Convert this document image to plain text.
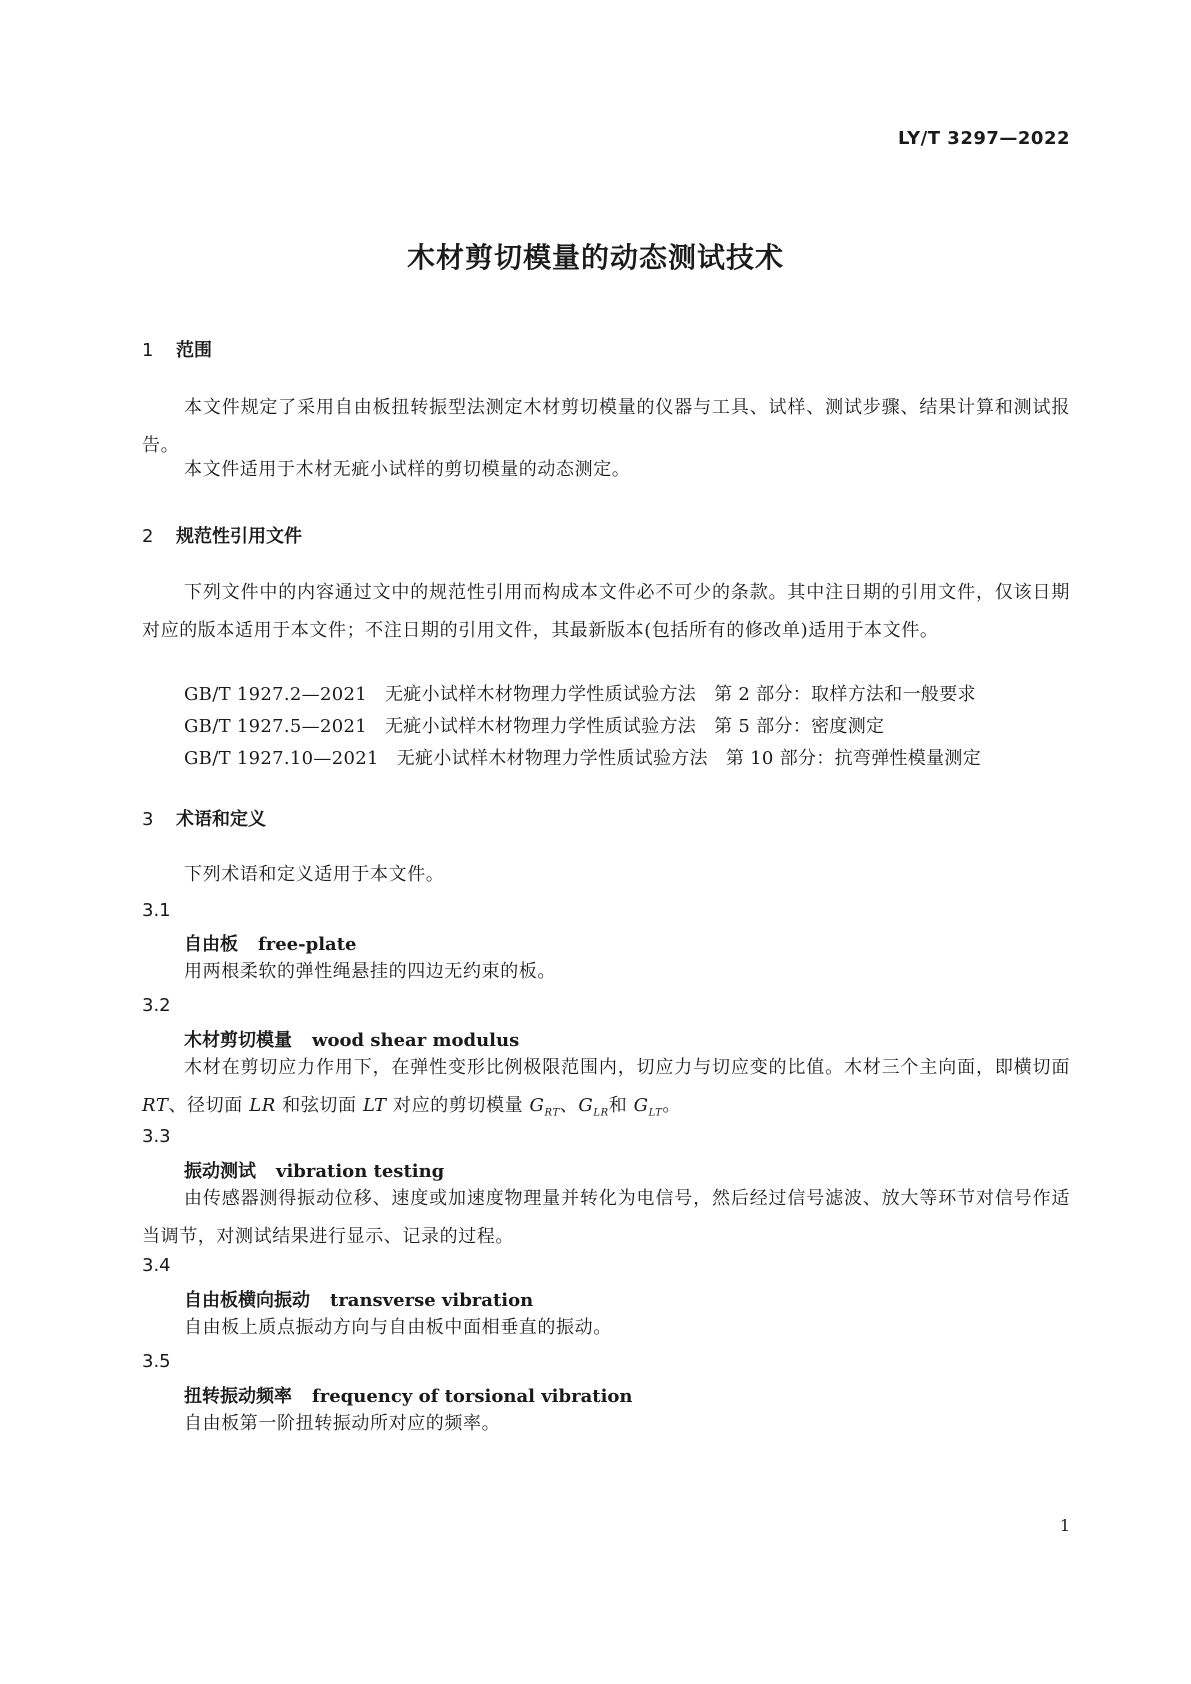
LY/T 3297—2022
木材剪切模量的动态测试技术
1 范围
本文件规定了采用自由板扭转振型法测定木材剪切模量的仪器与工具、试样、测试步骤、结果计算和测试报告。
本文件适用于木材无疵小试样的剪切模量的动态测定。
2 规范性引用文件
下列文件中的内容通过文中的规范性引用而构成本文件必不可少的条款。其中注日期的引用文件，仅该日期对应的版本适用于本文件；不注日期的引用文件，其最新版本(包括所有的修改单)适用于本文件。
GB/T 1927.2—2021 无疵小试样木材物理力学性质试验方法 第 2 部分：取样方法和一般要求
GB/T 1927.5—2021 无疵小试样木材物理力学性质试验方法 第 5 部分：密度测定
GB/T 1927.10—2021 无疵小试样木材物理力学性质试验方法 第 10 部分：抗弯弹性模量测定
3 术语和定义
下列术语和定义适用于本文件。
3.1
自由板 free-plate
用两根柔软的弹性绳悬挂的四边无约束的板。
3.2
木材剪切模量 wood shear modulus
木材在剪切应力作用下，在弹性变形比例极限范围内，切应力与切应变的比值。木材三个主向面，即横切面 RT、径切面 LR 和弦切面 LT 对应的剪切模量 $G_{RT}$、$G_{LR}$和 $G_{LT}$。
3.3
振动测试 vibration testing
由传感器测得振动位移、速度或加速度物理量并转化为电信号，然后经过信号滤波、放大等环节对信号作适当调节，对测试结果进行显示、记录的过程。
3.4
自由板横向振动 transverse vibration
自由板上质点振动方向与自由板中面相垂直的振动。
3.5
扭转振动频率 frequency of torsional vibration
自由板第一阶扭转振动所对应的频率。
1
